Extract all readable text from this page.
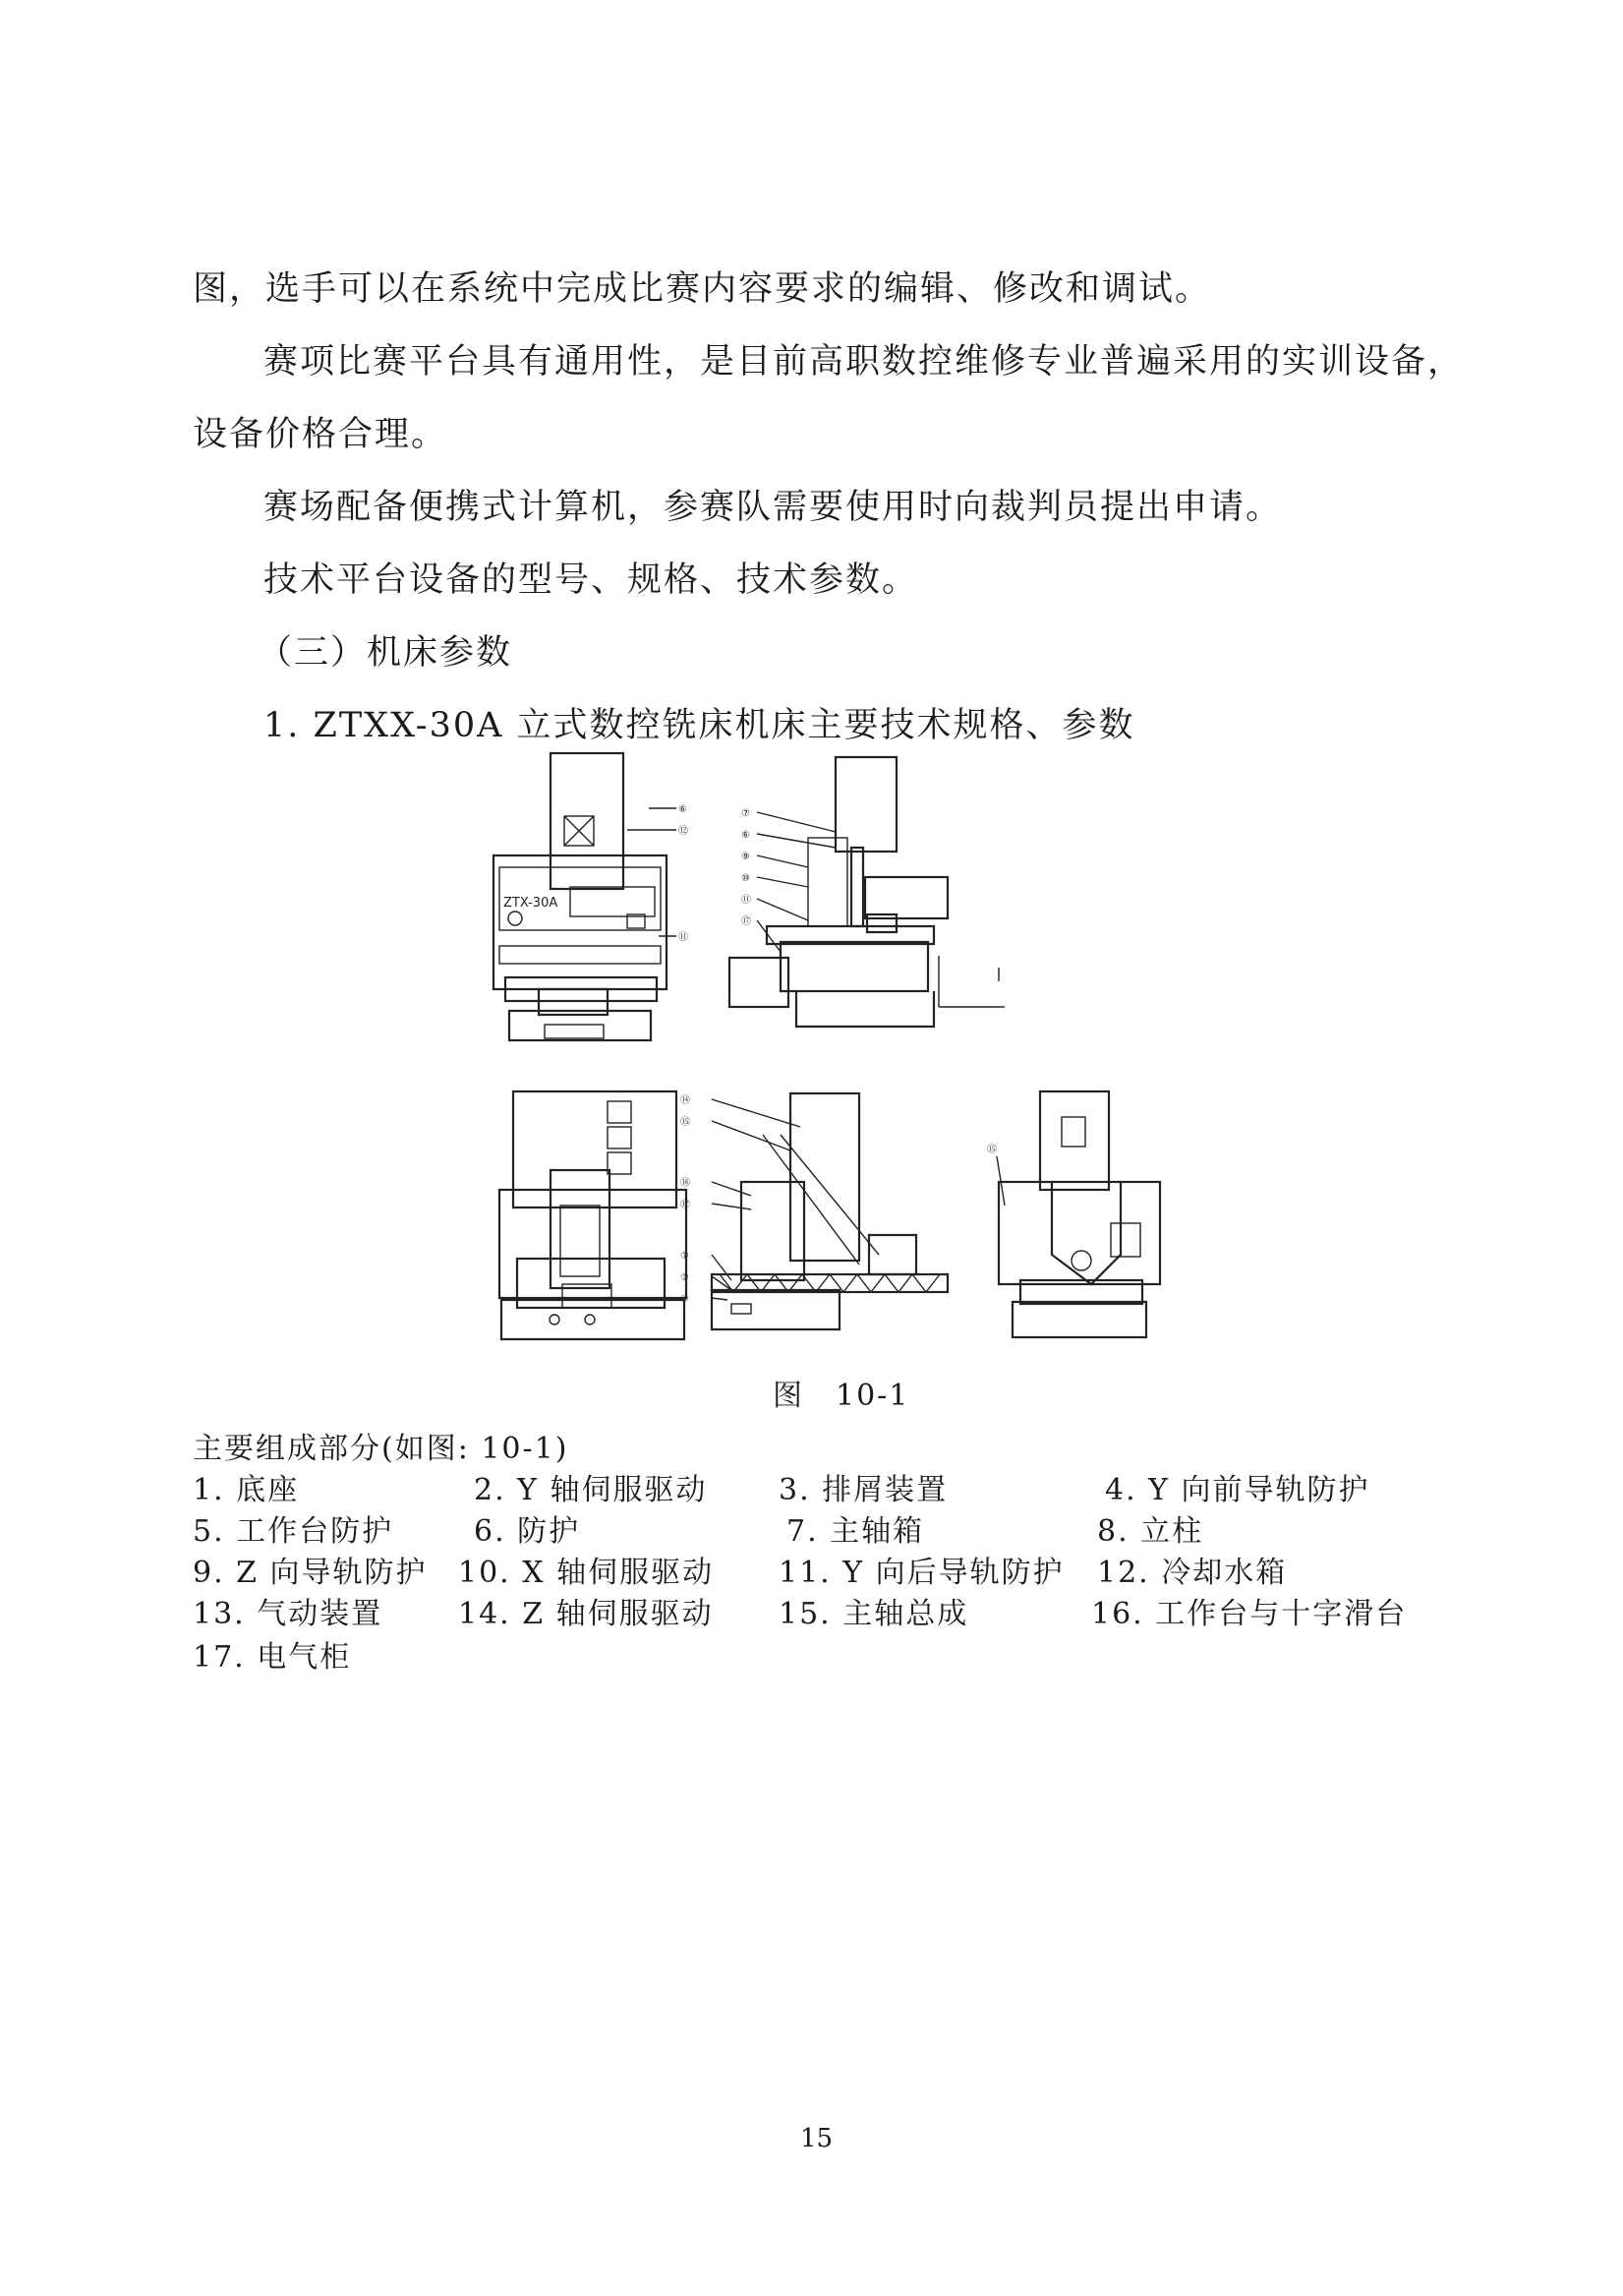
图，选手可以在系统中完成比赛内容要求的编辑、修改和调试。
赛项比赛平台具有通用性，是目前高职数控维修专业普遍采用的实训设备，
设备价格合理。
赛场配备便携式计算机，参赛队需要使用时向裁判员提出申请。
技术平台设备的型号、规格、技术参数。
（三）机床参数
1. ZTXX-30A 立式数控铣床机床主要技术规格、参数
ZTX-30A
⑥
⑫
⑪
⑦
⑥
⑨
⑩
⑪
⑰
⑭
⑮
⑱
⑰
⑦
③
④
⑮
图　10-1
主要组成部分(如图: 10-1)
1. 底座	2. Y 轴伺服驱动 3. 排屑装置	4. Y 向前导轨防护
5. 工作台防护	6. 防护	7. 主轴箱	8. 立柱
9. Z 向导轨防护 10. X 轴伺服驱动 11. Y 向后导轨防护 12. 冷却水箱
13. 气动装置	14. Z 轴伺服驱动 15. 主轴总成	16. 工作台与十字滑台
17. 电气柜
15
